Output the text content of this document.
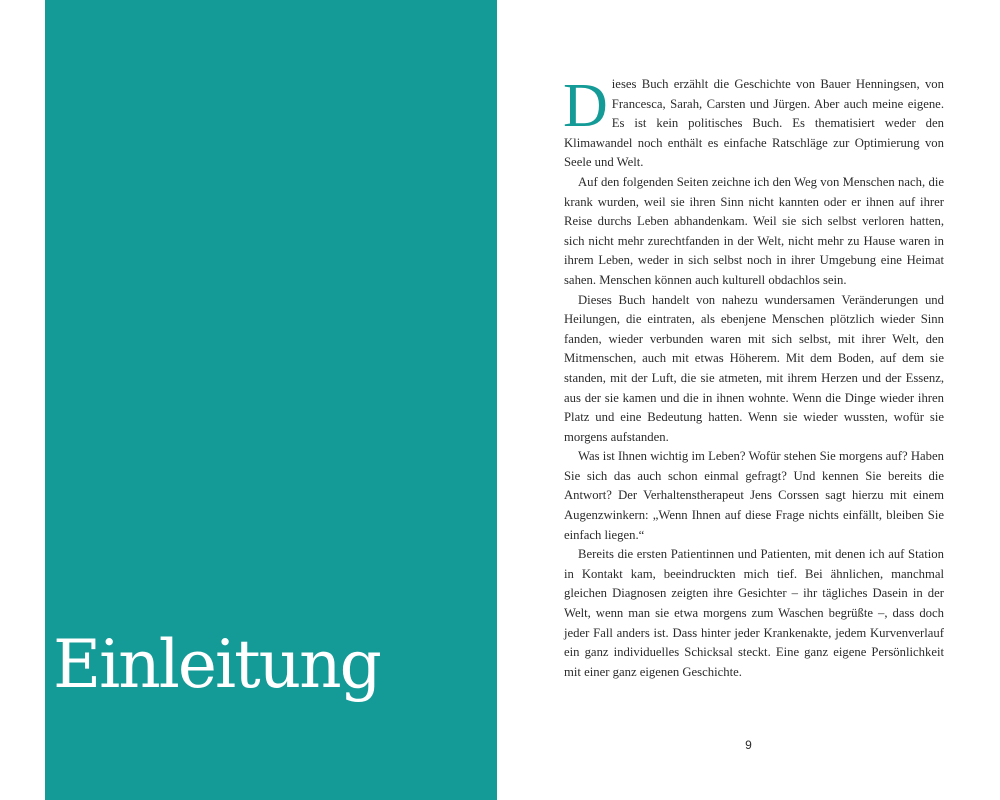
Einleitung

Dieses Buch erzählt die Geschichte von Bauer Henningsen, von Francesca, Sarah, Carsten und Jürgen. Aber auch meine eigene. Es ist kein politisches Buch. Es thematisiert weder den Klimawandel noch enthält es einfache Ratschläge zur Optimierung von Seele und Welt.

Auf den folgenden Seiten zeichne ich den Weg von Menschen nach, die krank wurden, weil sie ihren Sinn nicht kannten oder er ihnen auf ihrer Reise durchs Leben abhandenkam. Weil sie sich selbst verloren hatten, sich nicht mehr zurechtfanden in der Welt, nicht mehr zu Hause waren in ihrem Leben, weder in sich selbst noch in ihrer Umgebung eine Heimat sahen. Menschen können auch kulturell obdachlos sein.

Dieses Buch handelt von nahezu wundersamen Veränderungen und Heilungen, die eintraten, als ebenjene Menschen plötzlich wieder Sinn fanden, wieder verbunden waren mit sich selbst, mit ihrer Welt, den Mitmenschen, auch mit etwas Höherem. Mit dem Boden, auf dem sie standen, mit der Luft, die sie atmeten, mit ihrem Herzen und der Essenz, aus der sie kamen und die in ihnen wohnte. Wenn die Dinge wieder ihren Platz und eine Bedeutung hatten. Wenn sie wieder wussten, wofür sie morgens aufstanden.

Was ist Ihnen wichtig im Leben? Wofür stehen Sie morgens auf? Haben Sie sich das auch schon einmal gefragt? Und kennen Sie bereits die Antwort? Der Verhaltenstherapeut Jens Corssen sagt hierzu mit einem Augenzwinkern: „Wenn Ihnen auf diese Frage nichts einfällt, bleiben Sie einfach liegen.“

Bereits die ersten Patientinnen und Patienten, mit denen ich auf Station in Kontakt kam, beeindruckten mich tief. Bei ähnlichen, manchmal gleichen Diagnosen zeigten ihre Gesichter – ihr tägliches Dasein in der Welt, wenn man sie etwa morgens zum Waschen begrüßte –, dass doch jeder Fall anders ist. Dass hinter jeder Krankenakte, jedem Kurvenverlauf ein ganz individuelles Schicksal steckt. Eine ganz eigene Persönlichkeit mit einer ganz eigenen Geschichte.

9
